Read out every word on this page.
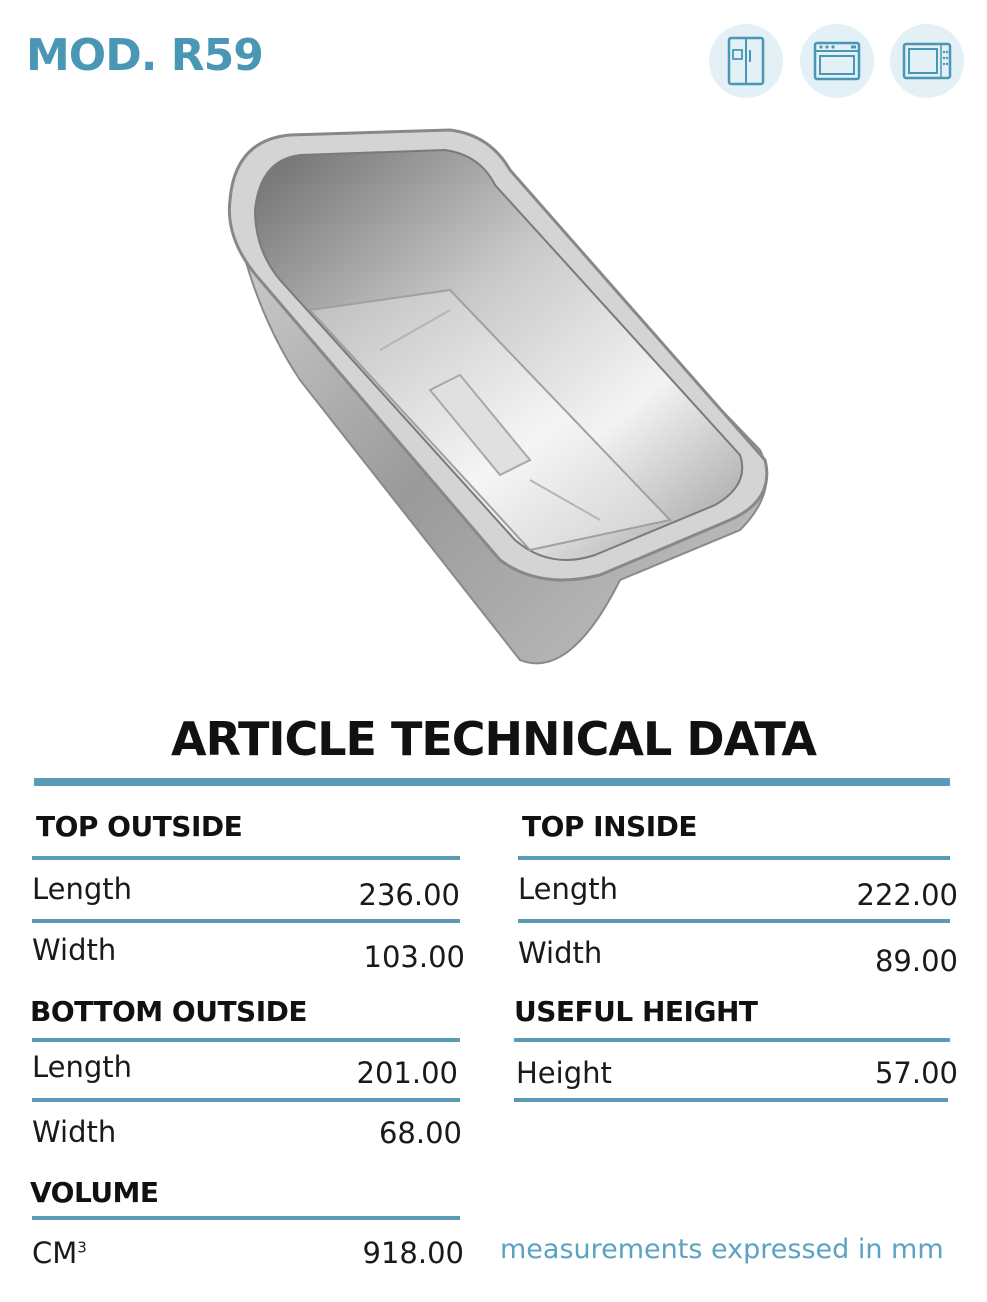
MOD. R59
ARTICLE TECHNICAL DATA
TOP OUTSIDE
Length	236.00
Width	103.00
TOP INSIDE
Length	222.00
Width	89.00
BOTTOM OUTSIDE
Length	201.00
Width	68.00
USEFUL HEIGHT
Height	57.00
VOLUME
$CM^3$	918.00 measurements expressed in mm
